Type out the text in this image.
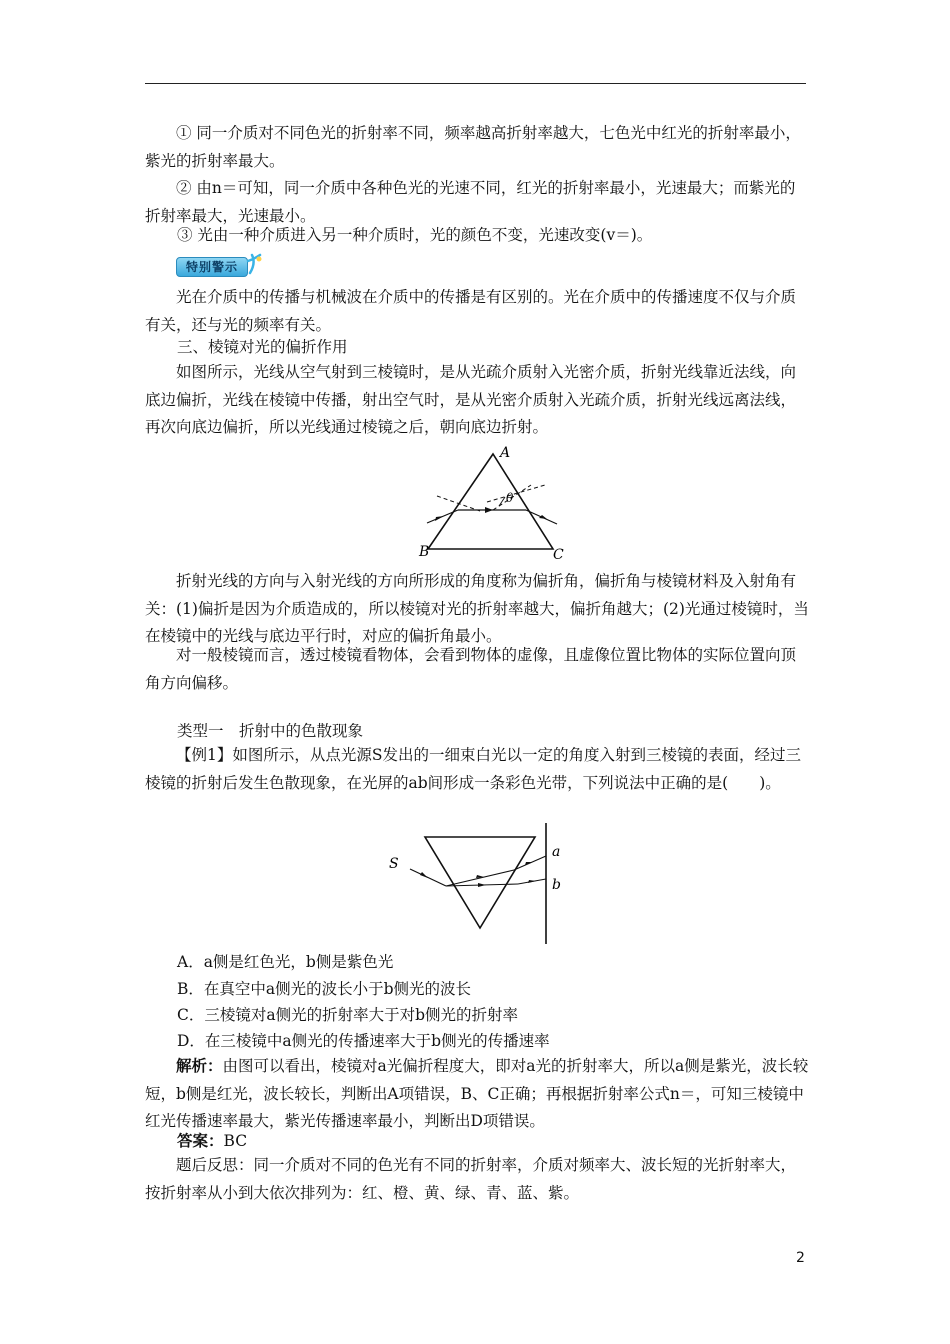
① 同一介质对不同色光的折射率不同，频率越高折射率越大，七色光中红光的折射率最小，紫光的折射率最大。

② 由n＝可知，同一介质中各种色光的光速不同，红光的折射率最小，光速最大；而紫光的折射率最大，光速最小。

③ 光由一种介质进入另一种介质时，光的颜色不变，光速改变(v＝)。

特别警示

光在介质中的传播与机械波在介质中的传播是有区别的。光在介质中的传播速度不仅与介质有关，还与光的频率有关。

三、棱镜对光的偏折作用

如图所示，光线从空气射到三棱镜时，是从光疏介质射入光密介质，折射光线靠近法线，向底边偏折，光线在棱镜中传播，射出空气时，是从光密介质射入光疏介质，折射光线远离法线，再次向底边偏折，所以光线通过棱镜之后，朝向底边折射。

A
B	C
θ

折射光线的方向与入射光线的方向所形成的角度称为偏折角，偏折角与棱镜材料及入射角有关：(1)偏折是因为介质造成的，所以棱镜对光的折射率越大，偏折角越大；(2)光通过棱镜时，当在棱镜中的光线与底边平行时，对应的偏折角最小。

对一般棱镜而言，透过棱镜看物体，会看到物体的虚像，且虚像位置比物体的实际位置向顶角方向偏移。

类型一　折射中的色散现象

【例1】如图所示，从点光源S发出的一细束白光以一定的角度入射到三棱镜的表面，经过三棱镜的折射后发生色散现象，在光屏的ab间形成一条彩色光带，下列说法中正确的是(　　)。

S
a
b

A．a侧是红色光，b侧是紫色光

B．在真空中a侧光的波长小于b侧光的波长

C．三棱镜对a侧光的折射率大于对b侧光的折射率

D．在三棱镜中a侧光的传播速率大于b侧光的传播速率

解析：由图可以看出，棱镜对a光偏折程度大，即对a光的折射率大，所以a侧是紫光，波长较短，b侧是红光，波长较长，判断出A项错误，B、C正确；再根据折射率公式n＝，可知三棱镜中红光传播速率最大，紫光传播速率最小，判断出D项错误。

答案：BC

题后反思：同一介质对不同的色光有不同的折射率，介质对频率大、波长短的光折射率大，按折射率从小到大依次排列为：红、橙、黄、绿、青、蓝、紫。

2
